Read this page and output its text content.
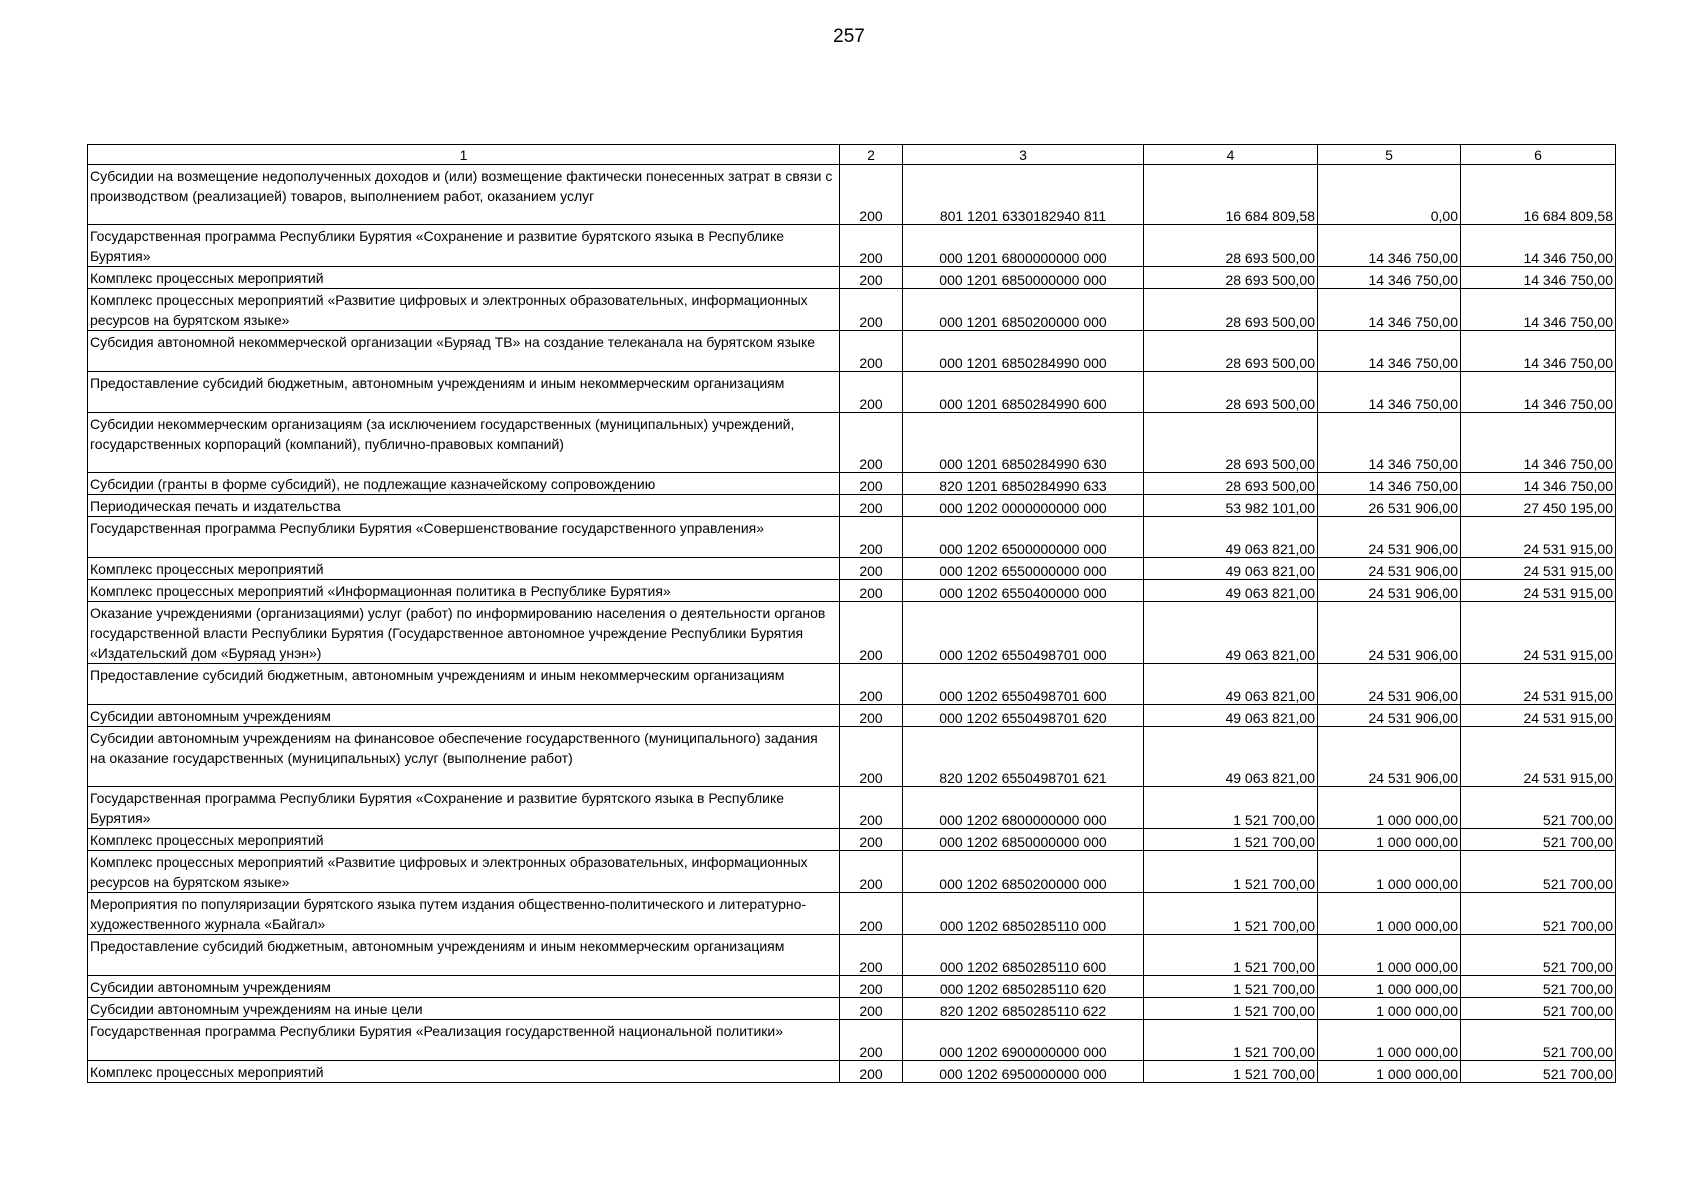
257
1	2	3	4	5	6
Субсидии на возмещение недополученных доходов и (или) возмещение фактически понесенных затрат в связи с производством (реализацией) товаров, выполнением работ, оказанием услуг	200	801 1201 6330182940 811	16 684 809,58	0,00	16 684 809,58
Государственная программа Республики Бурятия «Сохранение и развитие бурятского языка в Республике Бурятия»	200	000 1201 6800000000 000	28 693 500,00	14 346 750,00	14 346 750,00
Комплекс процессных мероприятий	200	000 1201 6850000000 000	28 693 500,00	14 346 750,00	14 346 750,00
Комплекс процессных мероприятий «Развитие цифровых и электронных образовательных, информационных ресурсов на бурятском языке»	200	000 1201 6850200000 000	28 693 500,00	14 346 750,00	14 346 750,00
Субсидия автономной некоммерческой организации «Буряад ТВ» на создание телеканала на бурятском языке	200	000 1201 6850284990 000	28 693 500,00	14 346 750,00	14 346 750,00
Предоставление субсидий бюджетным, автономным учреждениям и иным некоммерческим организациям	200	000 1201 6850284990 600	28 693 500,00	14 346 750,00	14 346 750,00
Субсидии некоммерческим организациям (за исключением государственных (муниципальных) учреждений, государственных корпораций (компаний), публично-правовых компаний)	200	000 1201 6850284990 630	28 693 500,00	14 346 750,00	14 346 750,00
Субсидии (гранты в форме субсидий), не подлежащие казначейскому сопровождению	200	820 1201 6850284990 633	28 693 500,00	14 346 750,00	14 346 750,00
Периодическая печать и издательства	200	000 1202 0000000000 000	53 982 101,00	26 531 906,00	27 450 195,00
Государственная программа Республики Бурятия «Совершенствование государственного управления»	200	000 1202 6500000000 000	49 063 821,00	24 531 906,00	24 531 915,00
Комплекс процессных мероприятий	200	000 1202 6550000000 000	49 063 821,00	24 531 906,00	24 531 915,00
Комплекс процессных мероприятий «Информационная политика в Республике Бурятия»	200	000 1202 6550400000 000	49 063 821,00	24 531 906,00	24 531 915,00
Оказание учреждениями (организациями) услуг (работ) по информированию населения о деятельности органов государственной власти Республики Бурятия (Государственное автономное учреждение Республики Бурятия «Издательский дом «Буряад унэн»)	200	000 1202 6550498701 000	49 063 821,00	24 531 906,00	24 531 915,00
Предоставление субсидий бюджетным, автономным учреждениям и иным некоммерческим организациям	200	000 1202 6550498701 600	49 063 821,00	24 531 906,00	24 531 915,00
Субсидии автономным учреждениям	200	000 1202 6550498701 620	49 063 821,00	24 531 906,00	24 531 915,00
Субсидии автономным учреждениям на финансовое обеспечение государственного (муниципального) задания на оказание государственных (муниципальных) услуг (выполнение работ)	200	820 1202 6550498701 621	49 063 821,00	24 531 906,00	24 531 915,00
Государственная программа Республики Бурятия «Сохранение и развитие бурятского языка в Республике Бурятия»	200	000 1202 6800000000 000	1 521 700,00	1 000 000,00	521 700,00
Комплекс процессных мероприятий	200	000 1202 6850000000 000	1 521 700,00	1 000 000,00	521 700,00
Комплекс процессных мероприятий «Развитие цифровых и электронных образовательных, информационных ресурсов на бурятском языке»	200	000 1202 6850200000 000	1 521 700,00	1 000 000,00	521 700,00
Мероприятия по популяризации бурятского языка путем издания общественно-политического и литературно-художественного журнала «Байгал»	200	000 1202 6850285110 000	1 521 700,00	1 000 000,00	521 700,00
Предоставление субсидий бюджетным, автономным учреждениям и иным некоммерческим организациям	200	000 1202 6850285110 600	1 521 700,00	1 000 000,00	521 700,00
Субсидии автономным учреждениям	200	000 1202 6850285110 620	1 521 700,00	1 000 000,00	521 700,00
Субсидии автономным учреждениям на иные цели	200	820 1202 6850285110 622	1 521 700,00	1 000 000,00	521 700,00
Государственная программа Республики Бурятия «Реализация государственной национальной политики»	200	000 1202 6900000000 000	1 521 700,00	1 000 000,00	521 700,00
Комплекс процессных мероприятий	200	000 1202 6950000000 000	1 521 700,00	1 000 000,00	521 700,00
